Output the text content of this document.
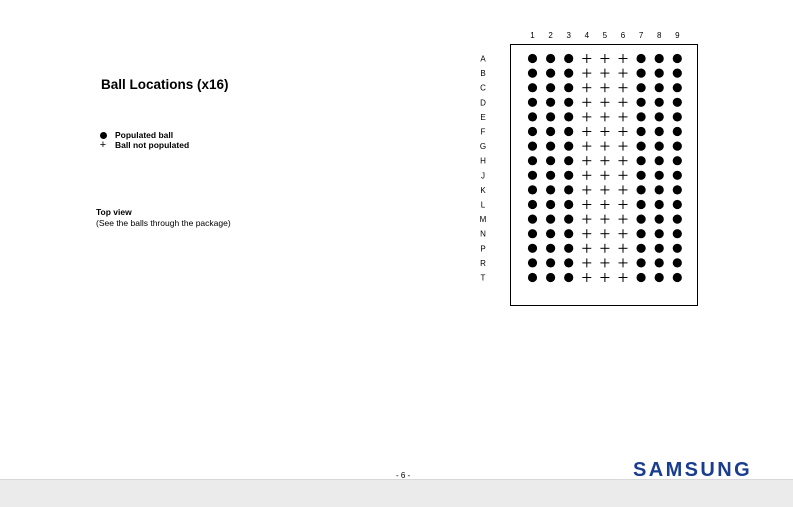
Ball Locations (x16)
Populated ball
+	Ball not populated
Top view
(See the balls through the package)
1 2 3 4 5 6 7 8 9
A
B
C
D
E
F
G
H
J
K
L
M
N
P
R
T
- 6 -	SAMSUNG
